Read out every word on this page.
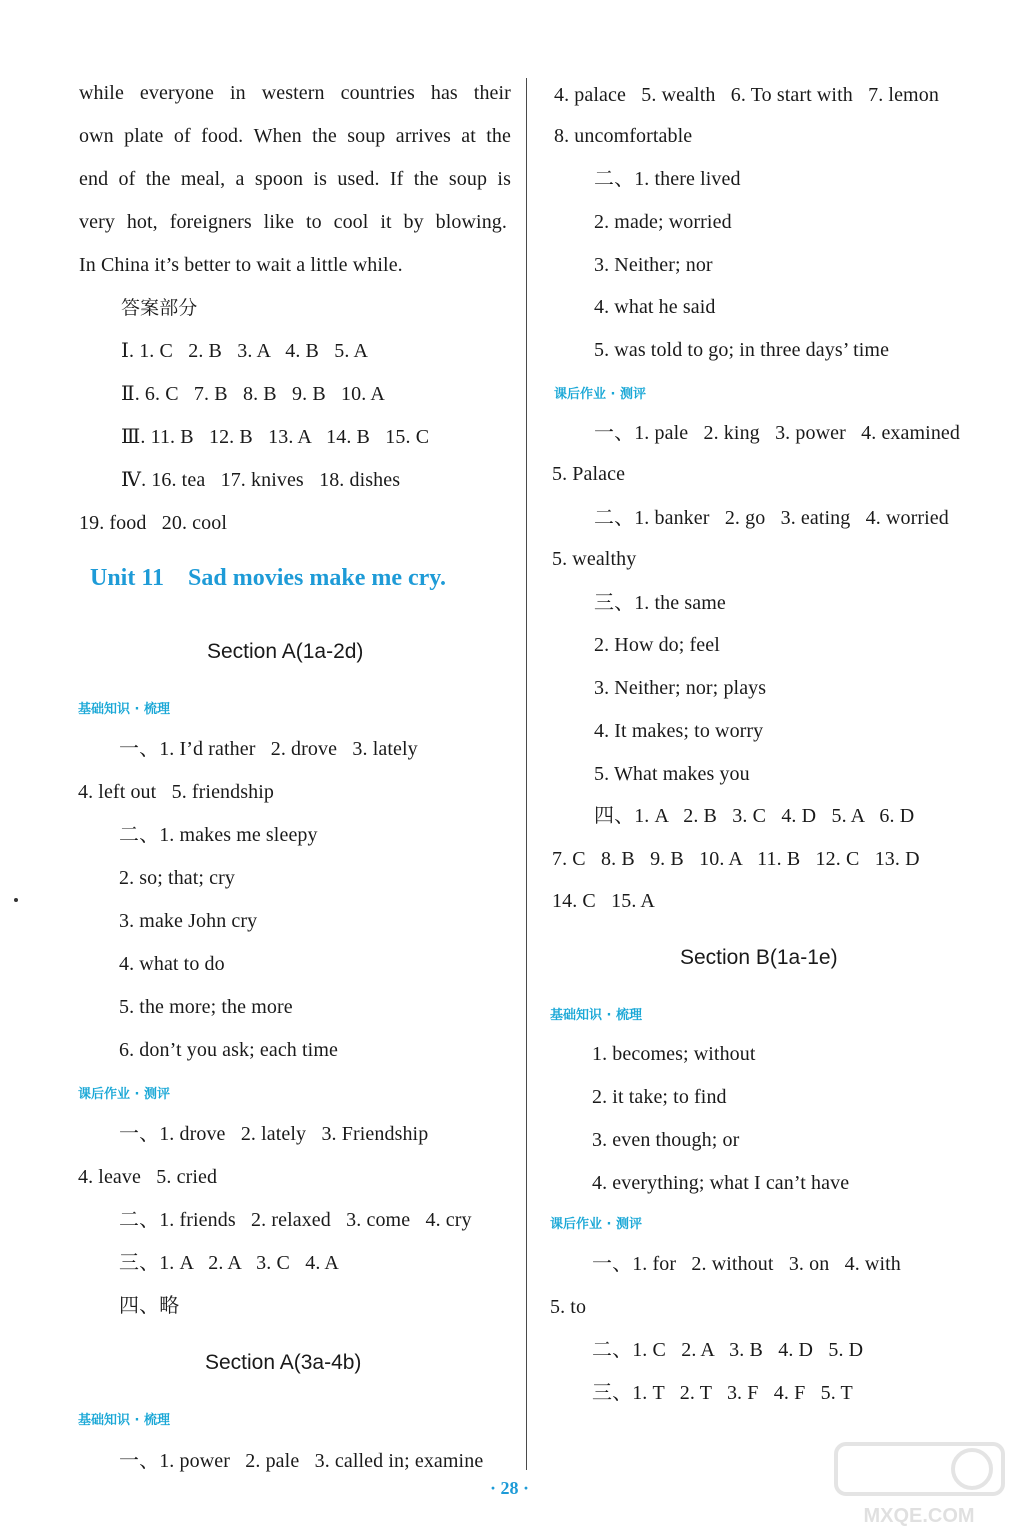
while everyone in western countries has their
own plate of food. When the soup arrives at the
end of the meal, a spoon is used. If the soup is
very hot, foreigners like to cool it by blowing.
In China it’s better to wait a little while.
答案部分
Ⅰ. 1. C   2. B   3. A   4. B   5. A
Ⅱ. 6. C   7. B   8. B   9. B   10. A
Ⅲ. 11. B   12. B   13. A   14. B   15. C
Ⅳ. 16. tea   17. knives   18. dishes
19. food   20. cool
Unit 11    Sad movies make me cry.
Section A(1a-2d)
基础知识 · 梳理
一、1. I’d rather   2. drove   3. lately
4. left out   5. friendship
二、1. makes me sleepy
2. so; that; cry
3. make John cry
4. what to do
5. the more; the more
6. don’t you ask; each time
课后作业 · 测评
一、1. drove   2. lately   3. Friendship
4. leave   5. cried
二、1. friends   2. relaxed   3. come   4. cry
三、1. A   2. A   3. C   4. A
四、略
Section A(3a-4b)
基础知识 · 梳理
一、1. power   2. pale   3. called in; examine
4. palace   5. wealth   6. To start with   7. lemon
8. uncomfortable
二、1. there lived
2. made; worried
3. Neither; nor
4. what he said
5. was told to go; in three days’ time
课后作业 · 测评
一、1. pale   2. king   3. power   4. examined
5. Palace
二、1. banker   2. go   3. eating   4. worried
5. wealthy
三、1. the same
2. How do; feel
3. Neither; nor; plays
4. It makes; to worry
5. What makes you
四、1. A   2. B   3. C   4. D   5. A   6. D
7. C   8. B   9. B   10. A   11. B   12. C   13. D
14. C   15. A
Section B(1a-1e)
基础知识 · 梳理
1. becomes; without
2. it take; to find
3. even though; or
4. everything; what I can’t have
课后作业 · 测评
一、1. for   2. without   3. on   4. with
5. to
二、1. C   2. A   3. B   4. D   5. D
三、1. T   2. T   3. F   4. F   5. T
· 28 ·
MXQE.COM
